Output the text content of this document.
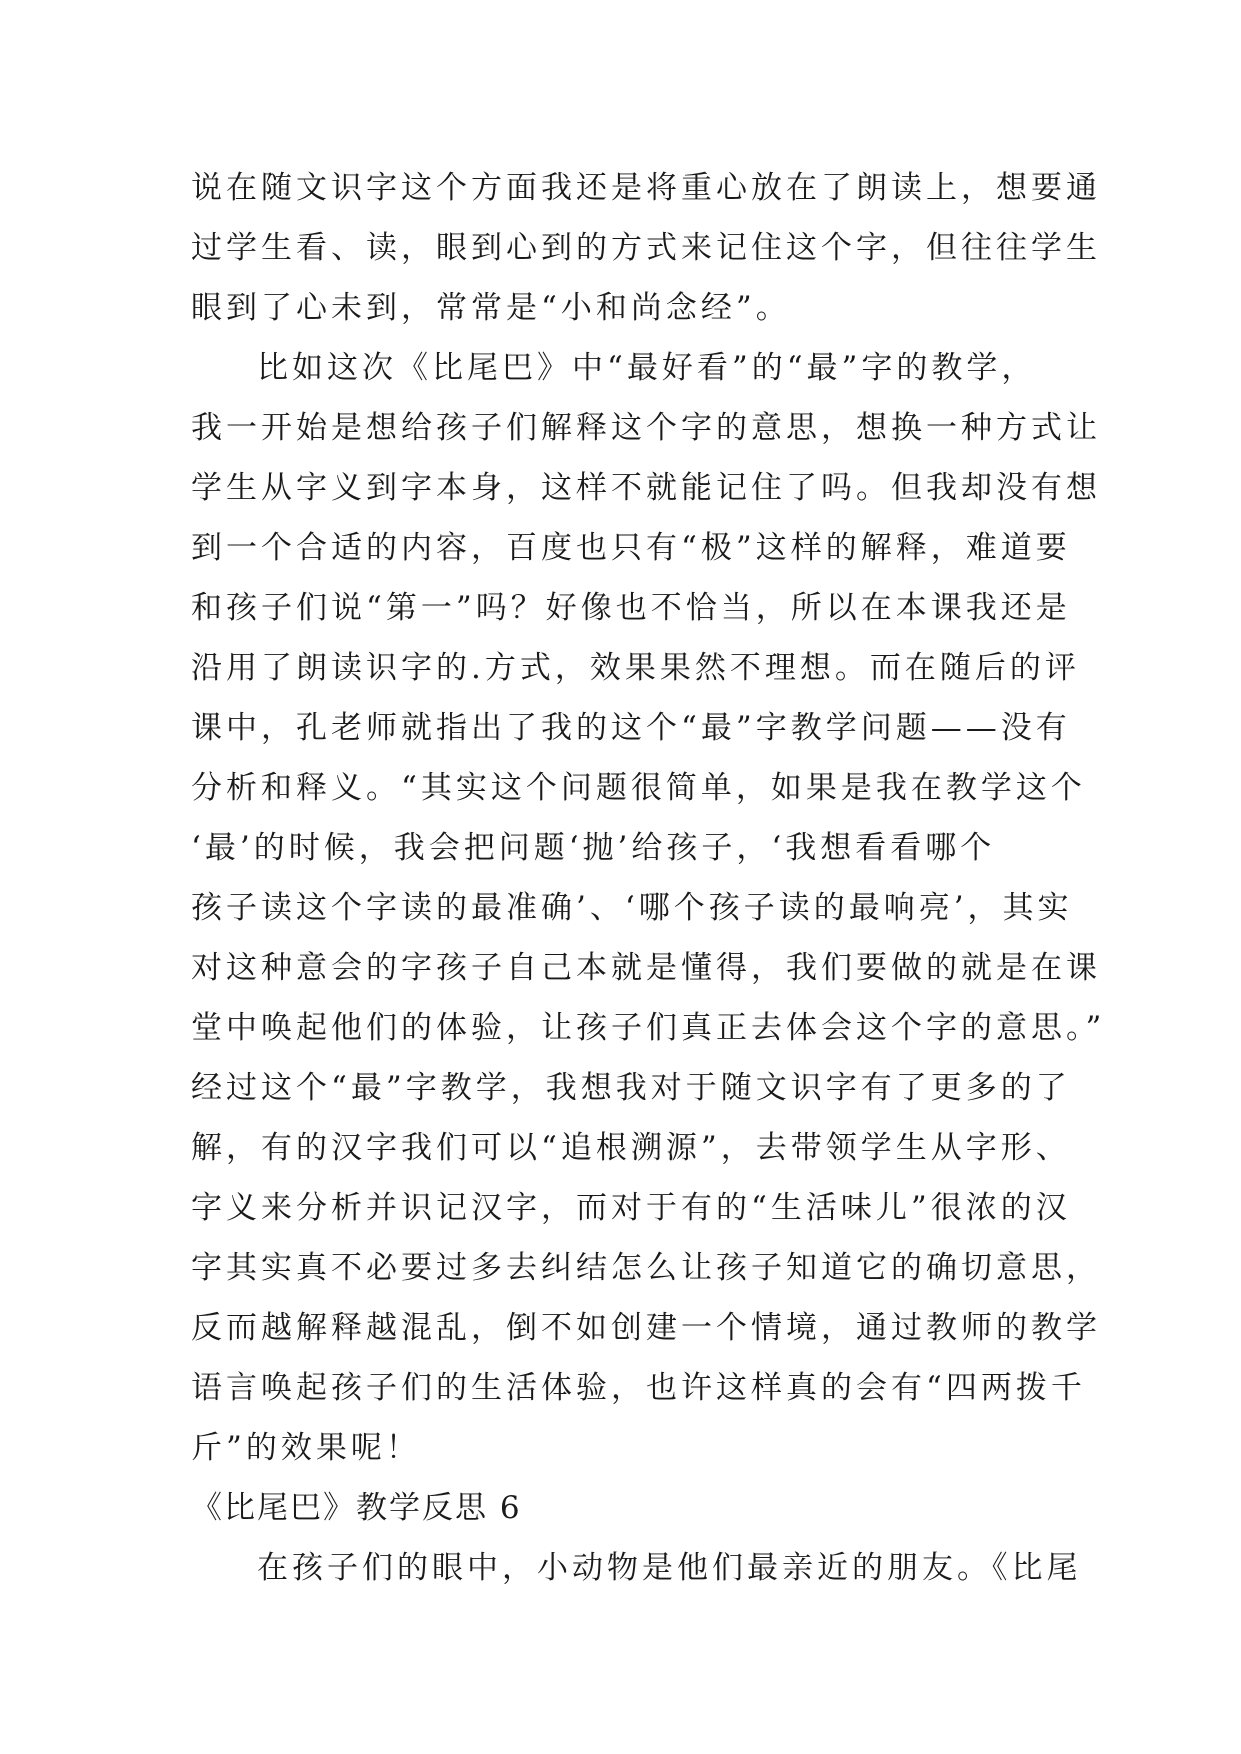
说在随文识字这个方面我还是将重心放在了朗读上，想要通
过学生看、读，眼到心到的方式来记住这个字，但往往学生
眼到了心未到，常常是“小和尚念经”。
比如这次《比尾巴》中“最好看”的“最”字的教学，
我一开始是想给孩子们解释这个字的意思，想换一种方式让
学生从字义到字本身，这样不就能记住了吗。但我却没有想
到一个合适的内容，百度也只有“极”这样的解释，难道要
和孩子们说“第一”吗？好像也不恰当，所以在本课我还是
沿用了朗读识字的.方式，效果果然不理想。而在随后的评
课中，孔老师就指出了我的这个“最”字教学问题——没有
分析和释义。“其实这个问题很简单，如果是我在教学这个
‘最’的时候，我会把问题‘抛’给孩子，‘我想看看哪个
孩子读这个字读的最准确’、‘哪个孩子读的最响亮’，其实
对这种意会的字孩子自己本就是懂得，我们要做的就是在课
堂中唤起他们的体验，让孩子们真正去体会这个字的意思。”
经过这个“最”字教学，我想我对于随文识字有了更多的了
解，有的汉字我们可以“追根溯源”，去带领学生从字形、
字义来分析并识记汉字，而对于有的“生活味儿”很浓的汉
字其实真不必要过多去纠结怎么让孩子知道它的确切意思，
反而越解释越混乱，倒不如创建一个情境，通过教师的教学
语言唤起孩子们的生活体验，也许这样真的会有“四两拨千
斤”的效果呢！
《比尾巴》教学反思 6
在孩子们的眼中，小动物是他们最亲近的朋友。《比尾
